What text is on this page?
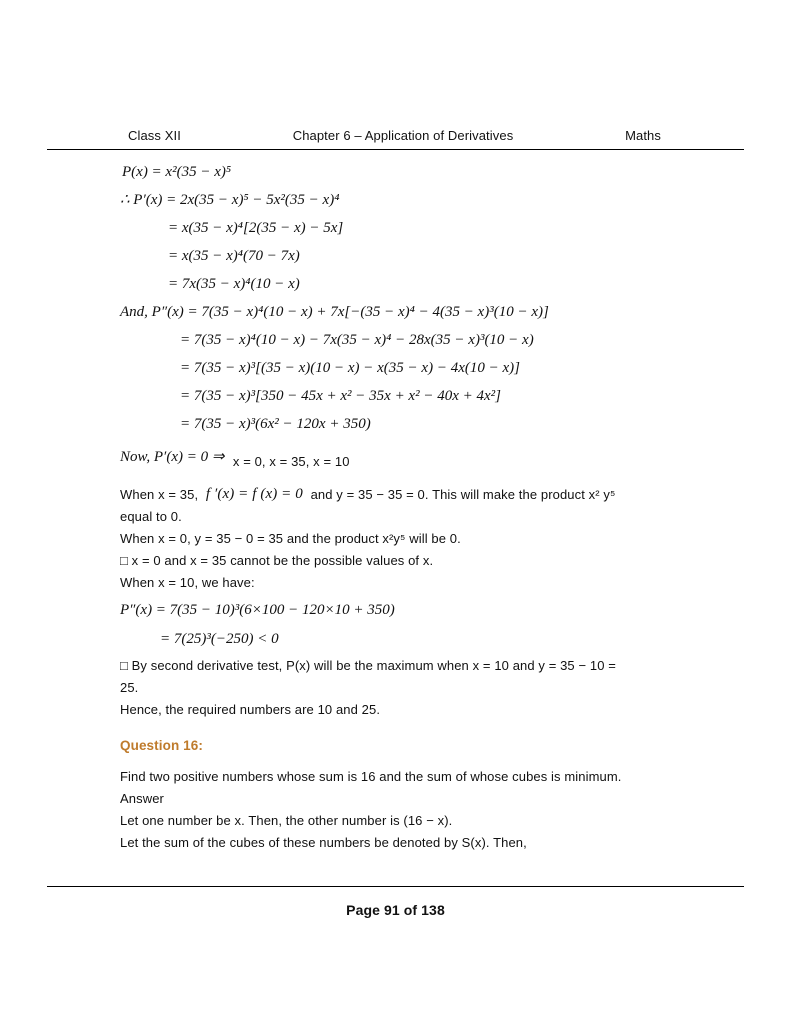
Class XII	Chapter 6 – Application of Derivatives	Maths
P(x) = x²(35 − x)⁵
∴ P′(x) = 2x(35 − x)⁵ − 5x²(35 − x)⁴
= x(35 − x)⁴[2(35 − x) − 5x]
= x(35 − x)⁴(70 − 7x)
= 7x(35 − x)⁴(10 − x)
And, P″(x) = 7(35 − x)⁴(10 − x) + 7x[−(35 − x)⁴ − 4(35 − x)³(10 − x)]
= 7(35 − x)⁴(10 − x) − 7x(35 − x)⁴ − 28x(35 − x)³(10 − x)
= 7(35 − x)³[(35 − x)(10 − x) − x(35 − x) − 4x(10 − x)]
= 7(35 − x)³[350 − 45x + x² − 35x + x² − 40x + 4x²]
= 7(35 − x)³(6x² − 120x + 350)
Now, P′(x) = 0 ⇒ $_{x = 0, x = 35, x = 10}$
When x = 35, f ′(x) = f (x) = 0 and y = 35 − 35 = 0. This will make the product x² y⁵
equal to 0.
When x = 0, y = 35 − 0 = 35 and the product x²y⁵ will be 0.
□ x = 0 and x = 35 cannot be the possible values of x.
When x = 10, we have:
P″(x) = 7(35 − 10)³(6×100 − 120×10 + 350)
= 7(25)³(−250) < 0
□ By second derivative test, P(x) will be the maximum when x = 10 and y = 35 − 10 =
25.
Hence, the required numbers are 10 and 25.
Question 16:
Find two positive numbers whose sum is 16 and the sum of whose cubes is minimum.
Answer
Let one number be x. Then, the other number is (16 − x).
Let the sum of the cubes of these numbers be denoted by S(x). Then,
Page 91 of 138
